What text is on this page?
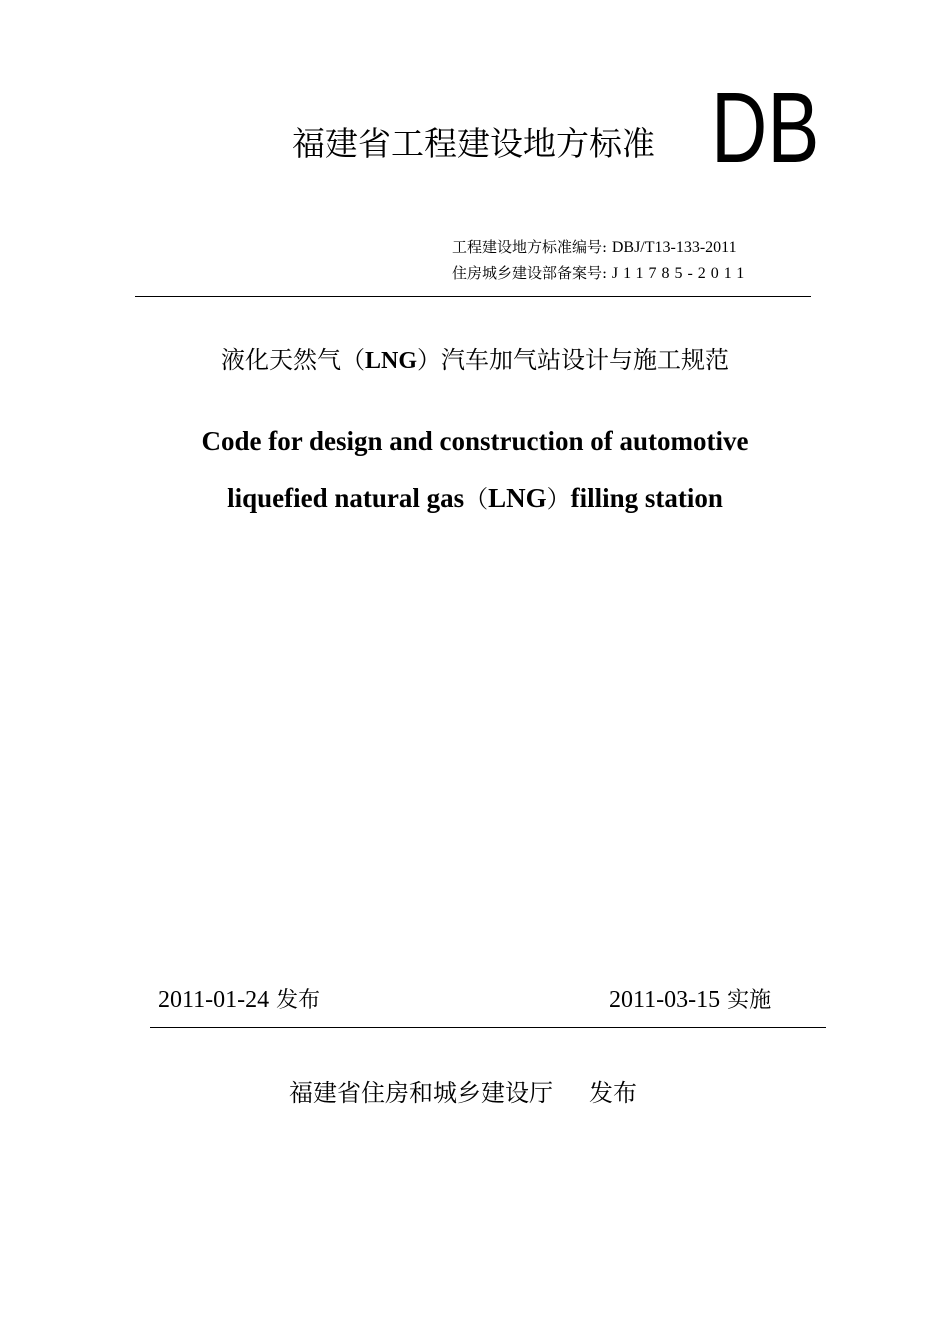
福建省工程建设地方标准 DB
工程建设地方标准编号: DBJ/T13-133-2011
住房城乡建设部备案号: J11785-2011
液化天然气（LNG）汽车加气站设计与施工规范
Code for design and construction of automotive
liquefied natural gas（LNG）filling station
2011-01-24 发布	2011-03-15 实施
福建省住房和城乡建设厅 发布
